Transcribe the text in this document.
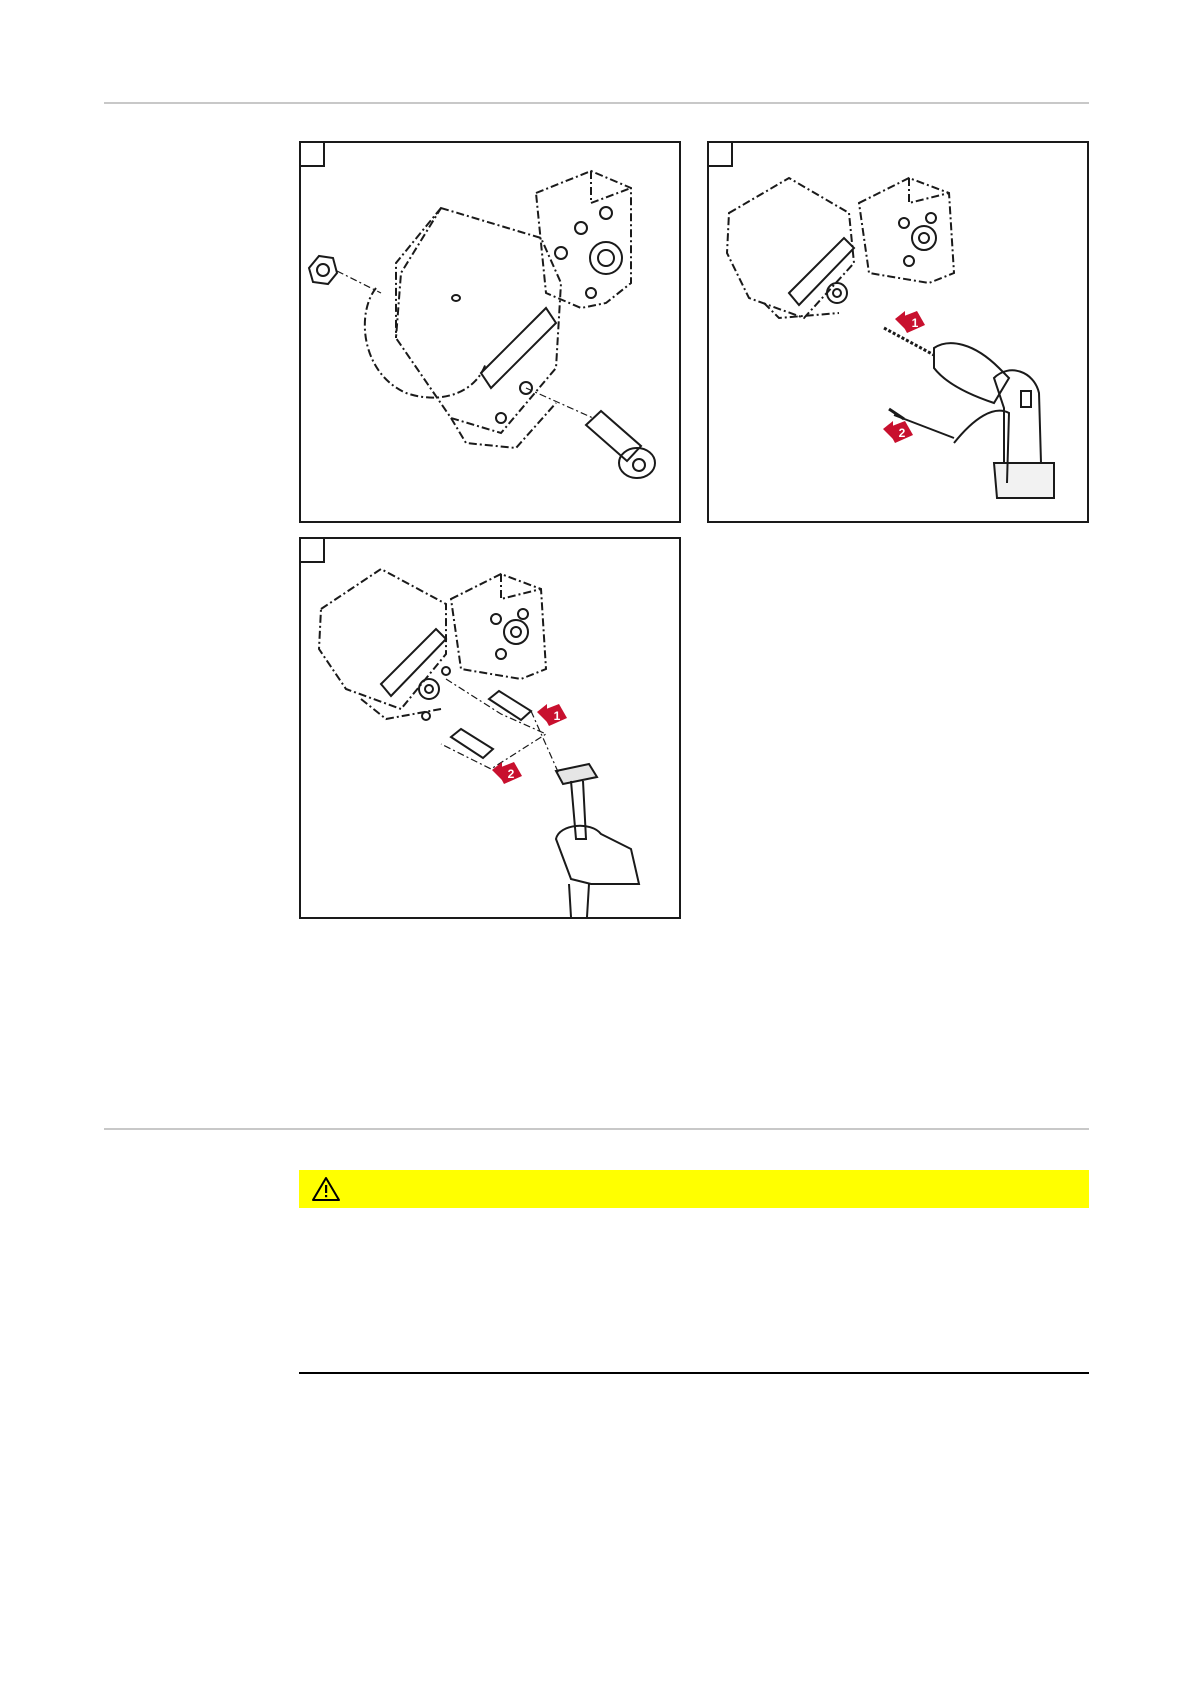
1
2
1
2
